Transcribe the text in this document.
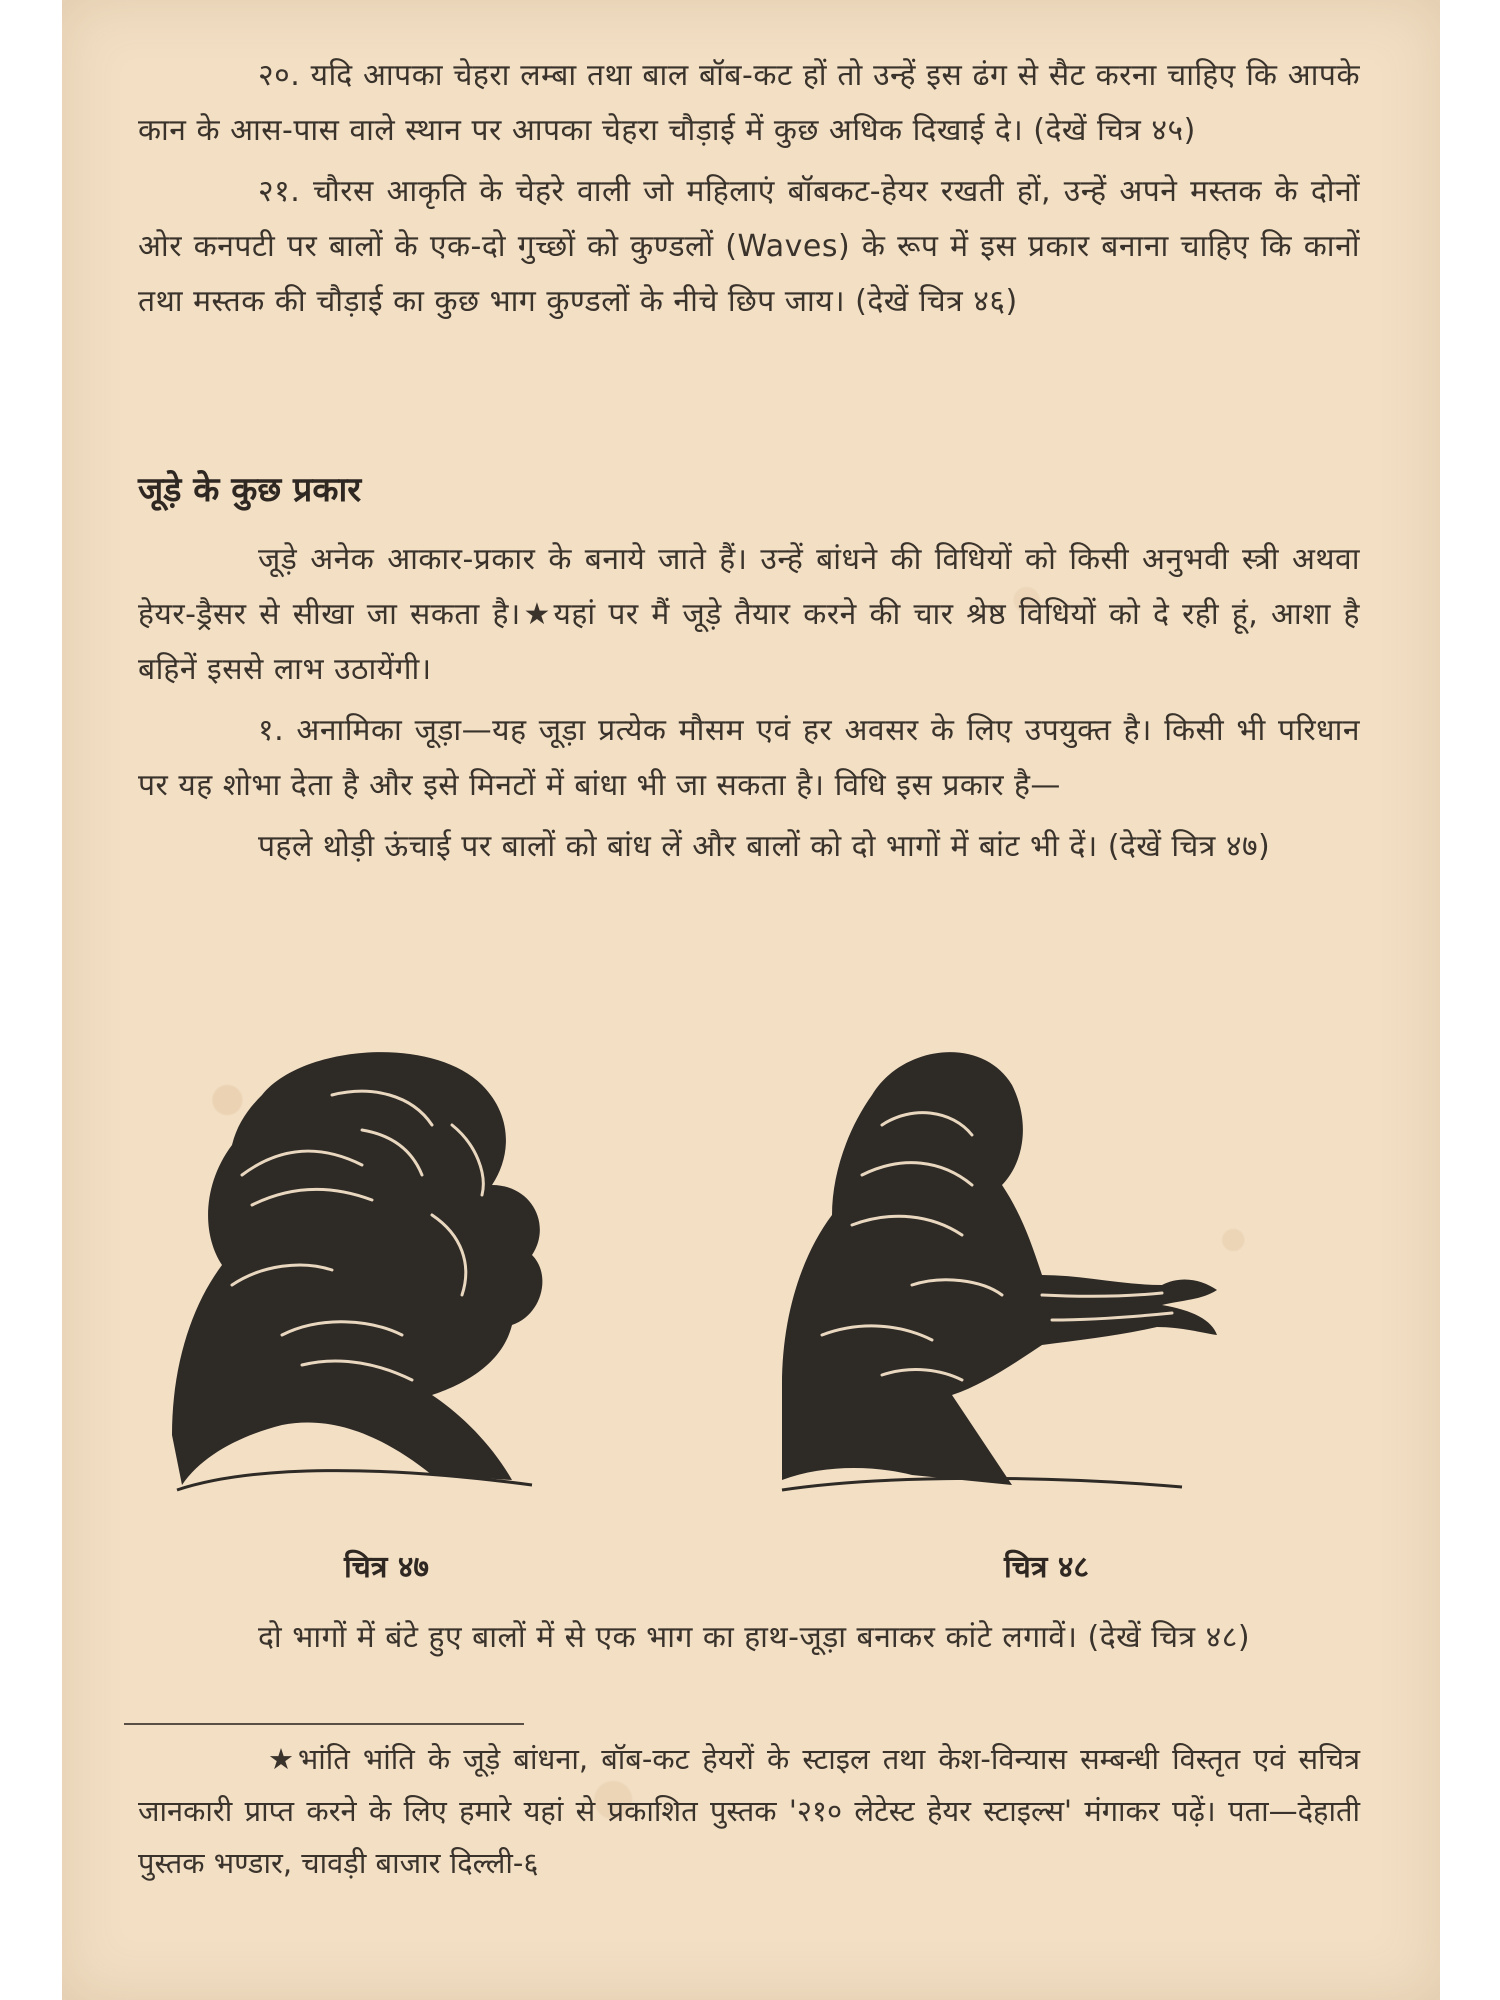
२०. यदि आपका चेहरा लम्बा तथा बाल बॉब-कट हों तो उन्हें इस ढंग से सैट करना चाहिए कि आपके कान के आस-पास वाले स्थान पर आपका चेहरा चौड़ाई में कुछ अधिक दिखाई दे। (देखें चित्र ४५)

२१. चौरस आकृति के चेहरे वाली जो महिलाएं बॉबकट-हेयर रखती हों, उन्हें अपने मस्तक के दोनों ओर कनपटी पर बालों के एक-दो गुच्छों को कुण्डलों (Waves) के रूप में इस प्रकार बनाना चाहिए कि कानों तथा मस्तक की चौड़ाई का कुछ भाग कुण्डलों के नीचे छिप जाय। (देखें चित्र ४६)

जूड़े के कुछ प्रकार

जूड़े अनेक आकार-प्रकार के बनाये जाते हैं। उन्हें बांधने की विधियों को किसी अनुभवी स्त्री अथवा हेयर-ड्रैसर से सीखा जा सकता है।★यहां पर मैं जूड़े तैयार करने की चार श्रेष्ठ विधियों को दे रही हूं, आशा है बहिनें इससे लाभ उठायेंगी।

१. अनामिका जूड़ा—यह जूड़ा प्रत्येक मौसम एवं हर अवसर के लिए उपयुक्त है। किसी भी परिधान पर यह शोभा देता है और इसे मिनटों में बांधा भी जा सकता है। विधि इस प्रकार है—

पहले थोड़ी ऊंचाई पर बालों को बांध लें और बालों को दो भागों में बांट भी दें। (देखें चित्र ४७)

चित्र ४७	चित्र ४८

दो भागों में बंटे हुए बालों में से एक भाग का हाथ-जूड़ा बनाकर कांटे लगावें। (देखें चित्र ४८)

★भांति भांति के जूड़े बांधना, बॉब-कट हेयरों के स्टाइल तथा केश-विन्यास सम्बन्धी विस्तृत एवं सचित्र जानकारी प्राप्त करने के लिए हमारे यहां से प्रकाशित पुस्तक '२१० लेटेस्ट हेयर स्टाइल्स' मंगाकर पढ़ें। पता—देहाती पुस्तक भण्डार, चावड़ी बाजार दिल्ली-६
